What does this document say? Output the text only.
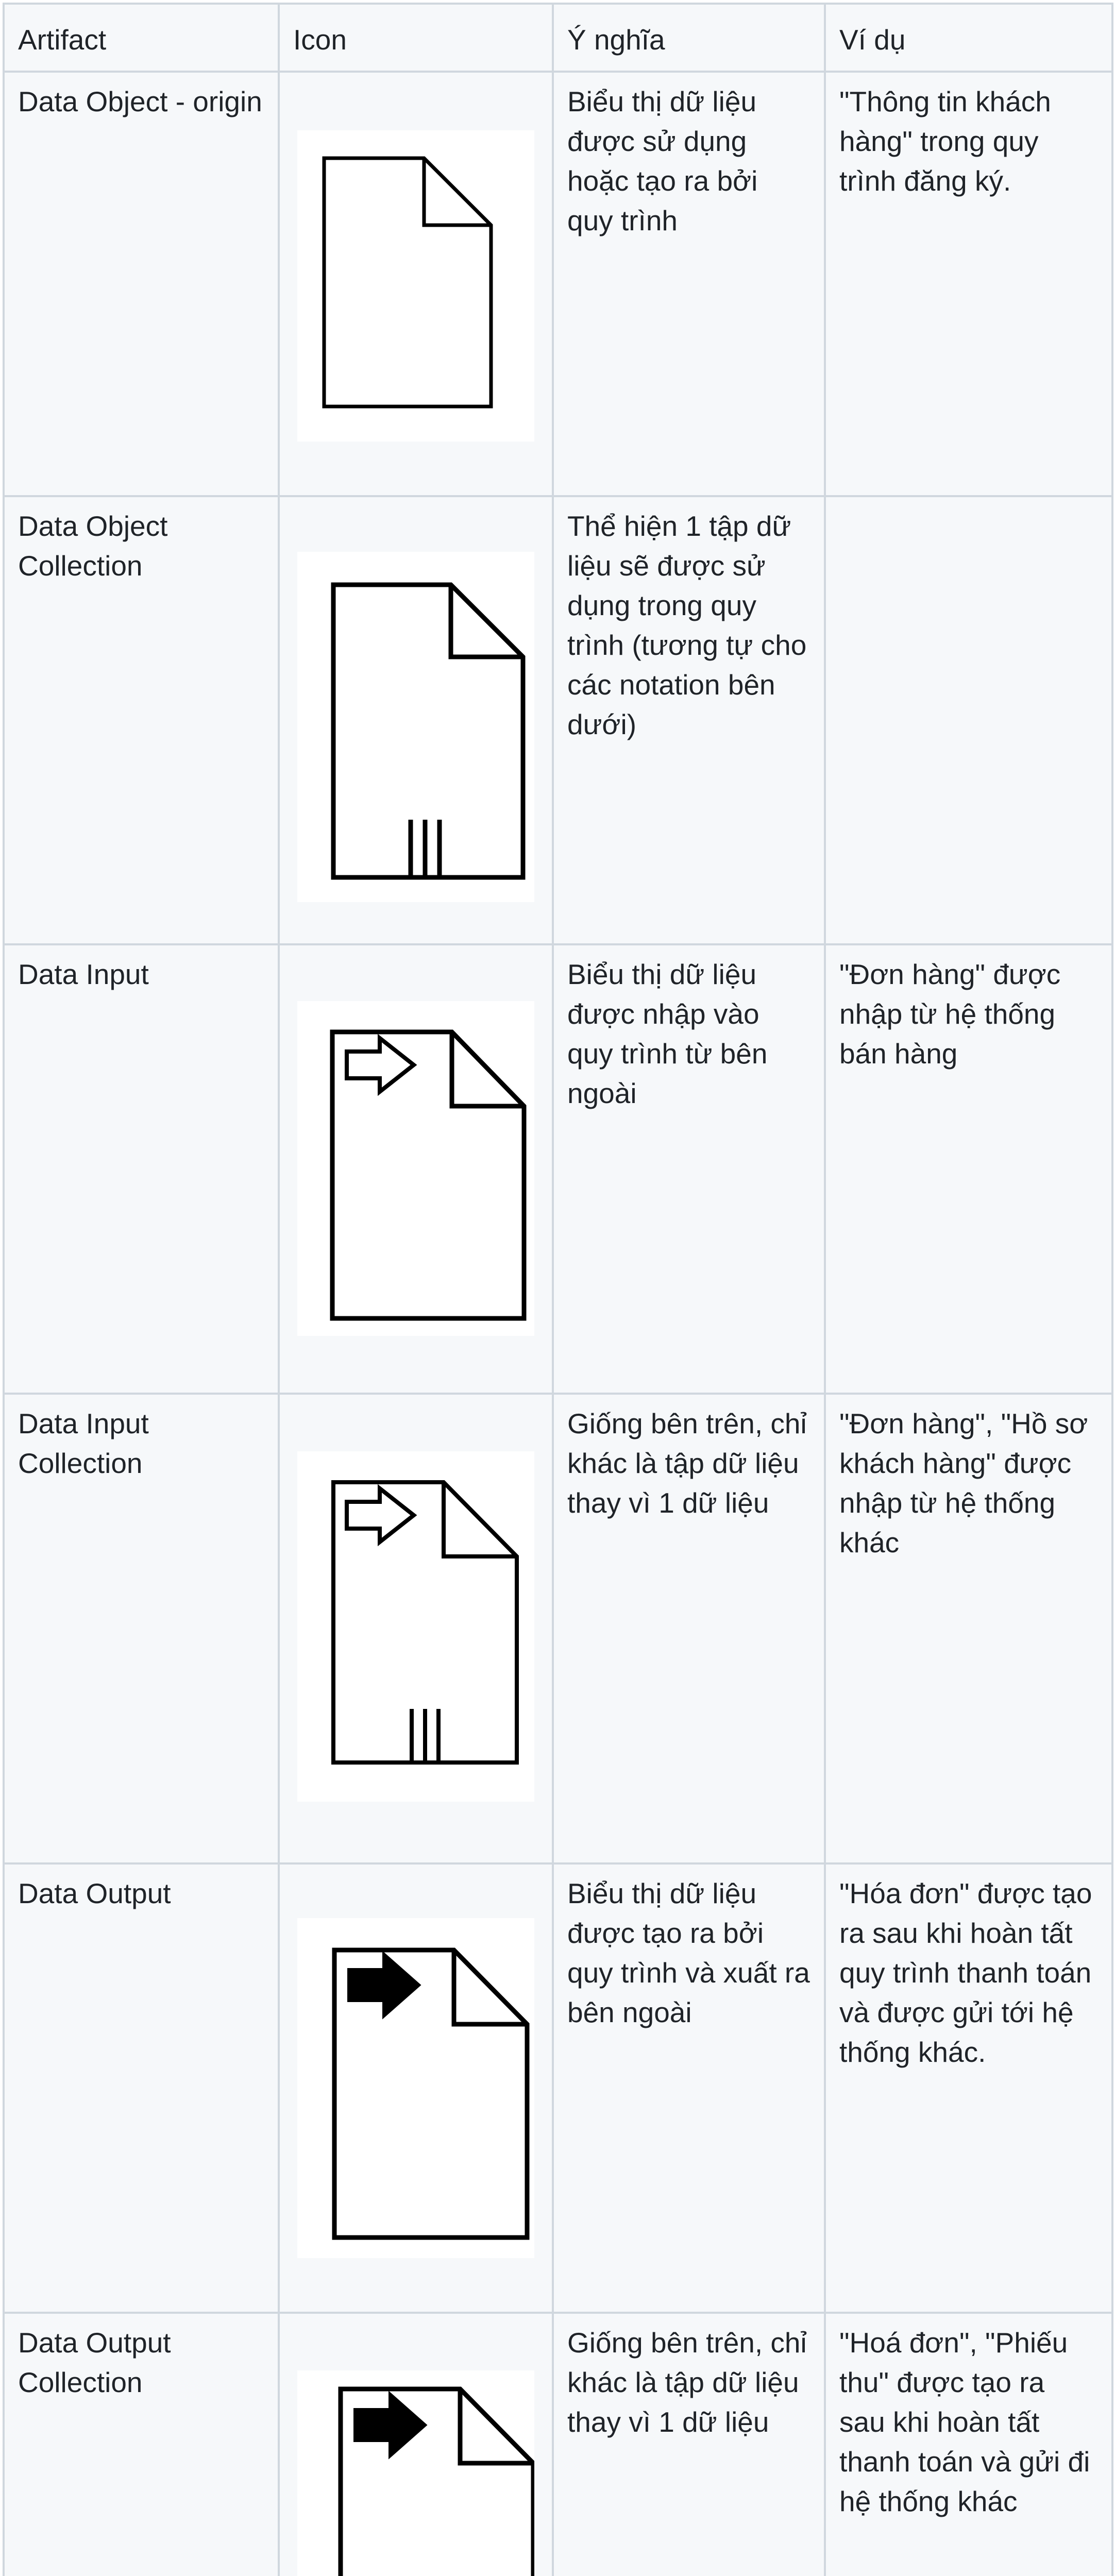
Artifact	Icon	Ý nghĩa	Ví dụ
Data Object - origin		Biểu thị dữ liệu được sử dụng hoặc tạo ra bởi quy trình	"Thông tin khách hàng" trong quy trình đăng ký.
Data Object Collection		Thể hiện 1 tập dữ liệu sẽ được sử dụng trong quy trình (tương tự cho các notation bên dưới)	
Data Input		Biểu thị dữ liệu được nhập vào quy trình từ bên ngoài	"Đơn hàng" được nhập từ hệ thống bán hàng
Data Input Collection		Giống bên trên, chỉ khác là tập dữ liệu thay vì 1 dữ liệu	"Đơn hàng", "Hồ sơ khách hàng" được nhập từ hệ thống khác
Data Output		Biểu thị dữ liệu được tạo ra bởi quy trình và xuất ra bên ngoài	"Hóa đơn" được tạo ra sau khi hoàn tất quy trình thanh toán và được gửi tới hệ thống khác.
Data Output Collection		Giống bên trên, chỉ khác là tập dữ liệu thay vì 1 dữ liệu	"Hoá đơn", "Phiếu thu" được tạo ra sau khi hoàn tất thanh toán và gửi đi hệ thống khác
